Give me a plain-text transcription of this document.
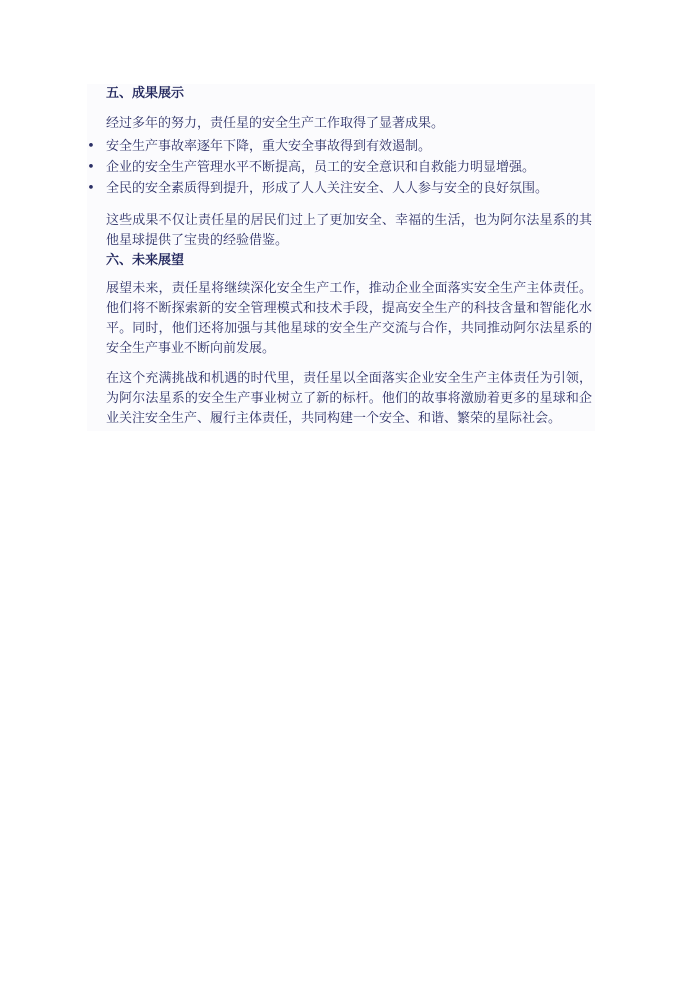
五、成果展示
经过多年的努力，责任星的安全生产工作取得了显著成果。
• 安全生产事故率逐年下降，重大安全事故得到有效遏制。
• 企业的安全生产管理水平不断提高，员工的安全意识和自救能力明显增强。
• 全民的安全素质得到提升，形成了人人关注安全、人人参与安全的良好氛围。
这些成果不仅让责任星的居民们过上了更加安全、幸福的生活，也为阿尔法星系的其他星球提供了宝贵的经验借鉴。
六、未来展望
展望未来，责任星将继续深化安全生产工作，推动企业全面落实安全生产主体责任。他们将不断探索新的安全管理模式和技术手段，提高安全生产的科技含量和智能化水平。同时，他们还将加强与其他星球的安全生产交流与合作，共同推动阿尔法星系的安全生产事业不断向前发展。
在这个充满挑战和机遇的时代里，责任星以全面落实企业安全生产主体责任为引领，为阿尔法星系的安全生产事业树立了新的标杆。他们的故事将激励着更多的星球和企业关注安全生产、履行主体责任，共同构建一个安全、和谐、繁荣的星际社会。
